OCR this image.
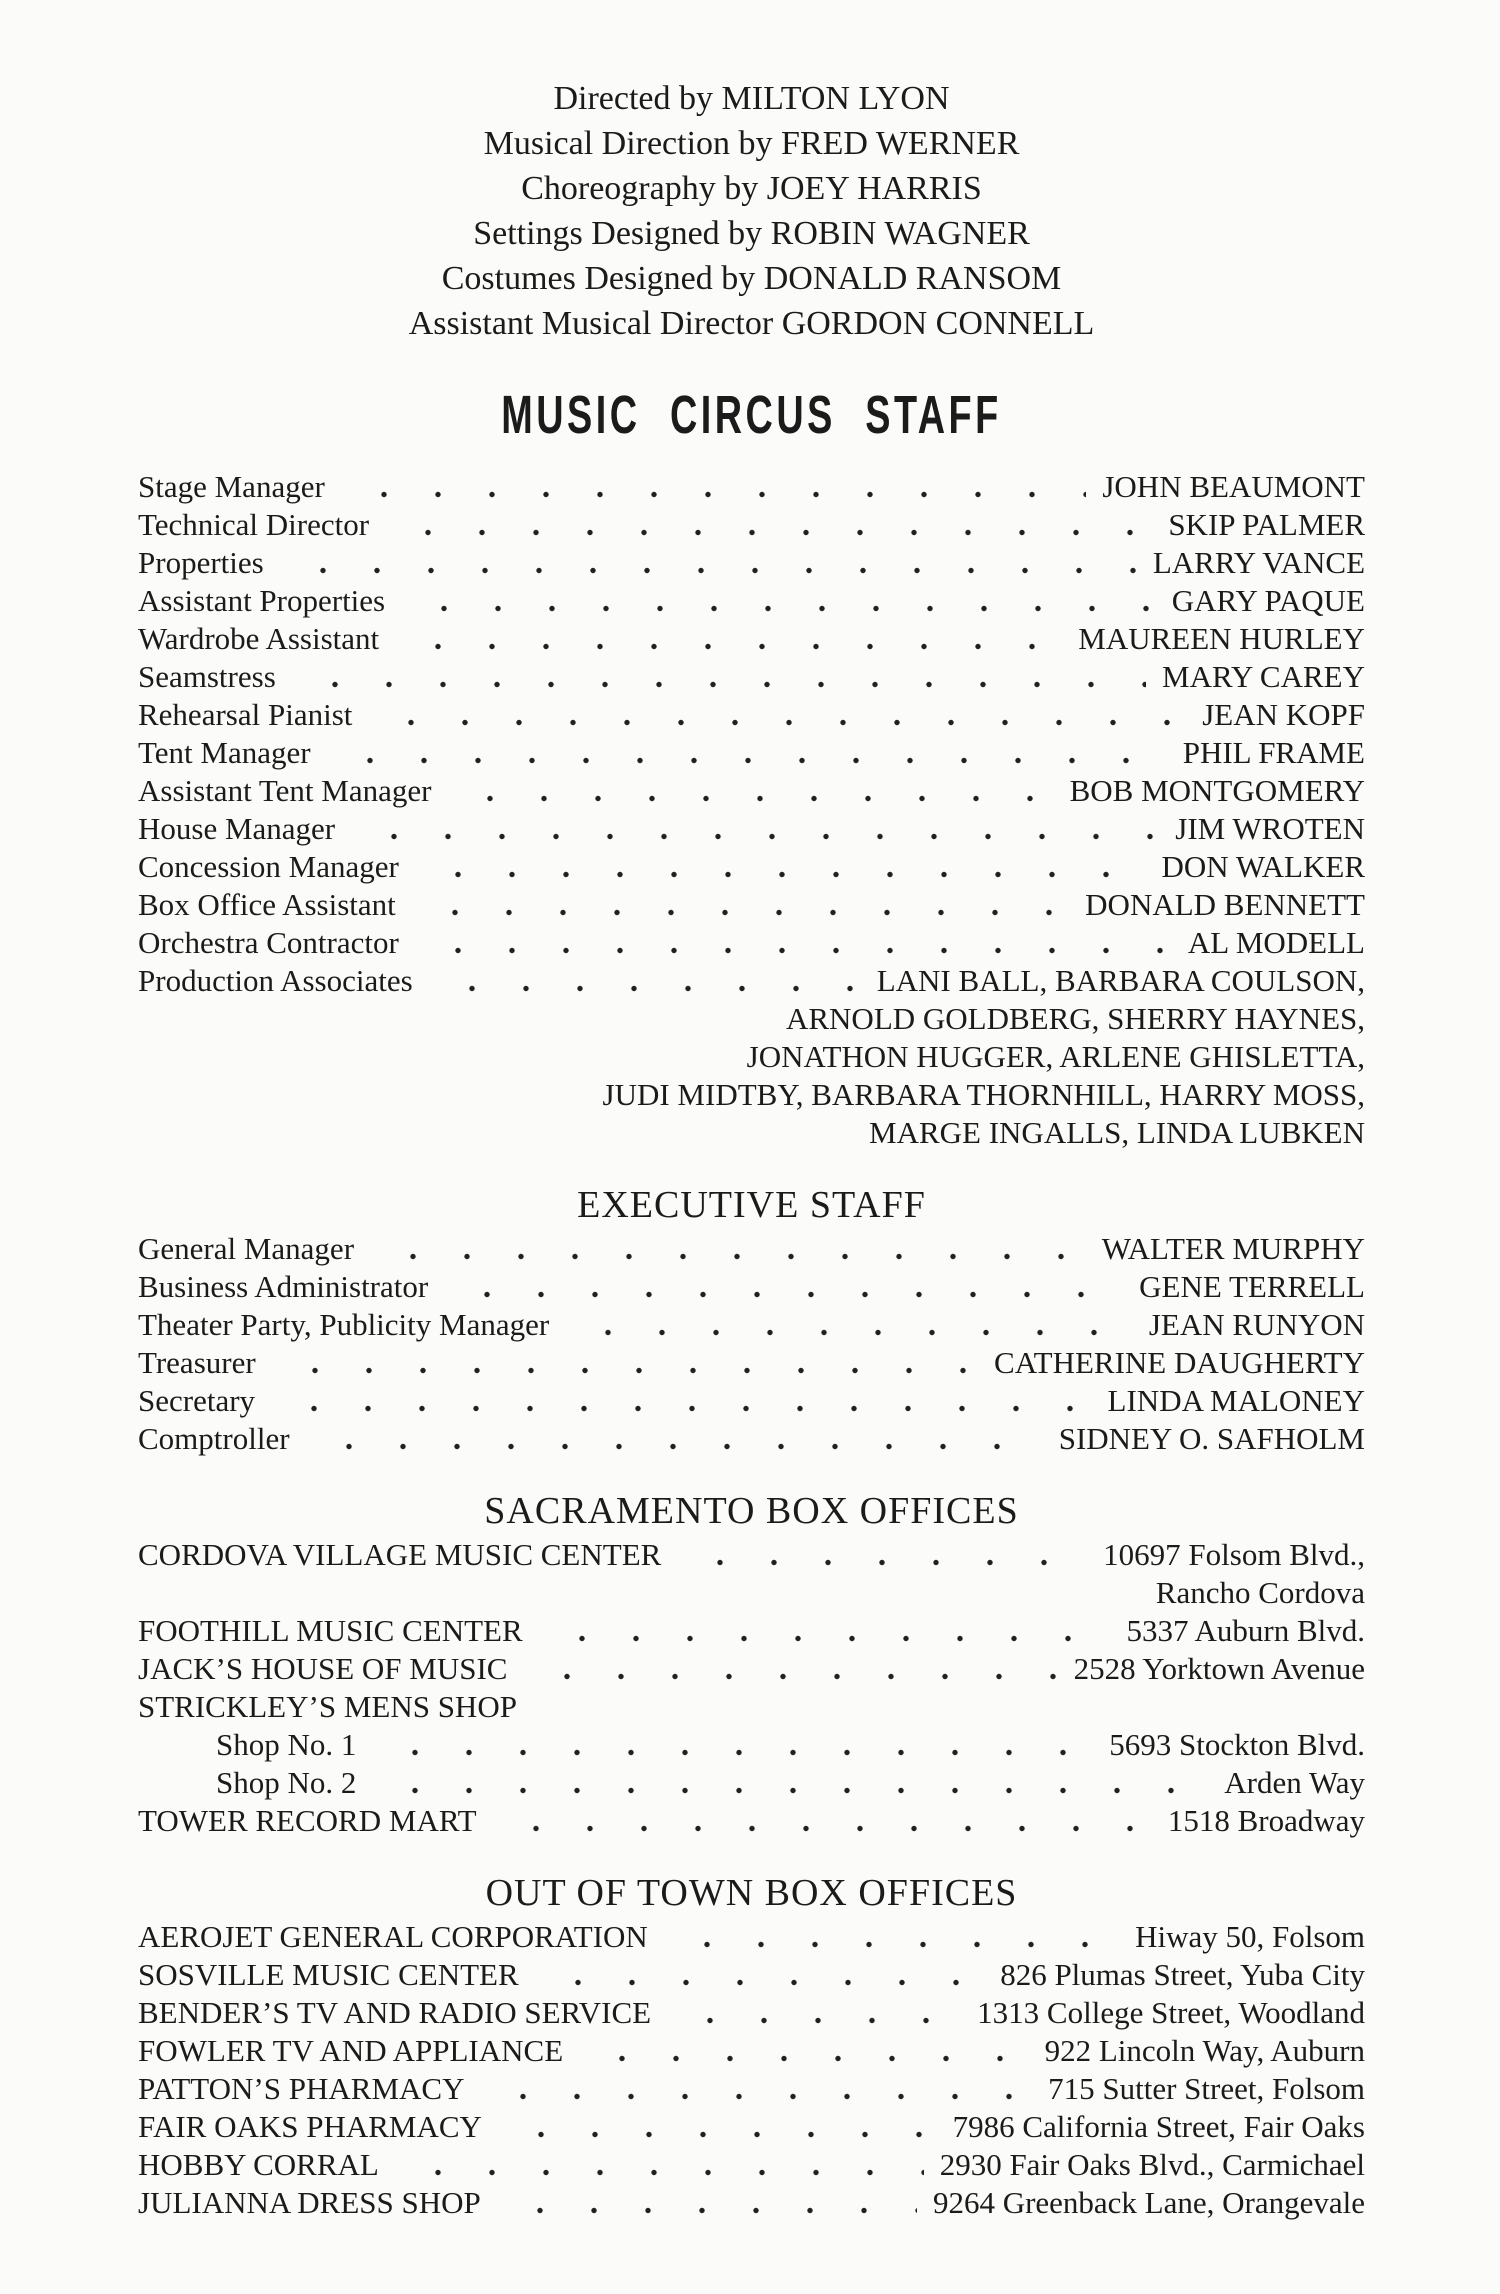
Directed by MILTON LYON
Musical Direction by FRED WERNER
Choreography by JOEY HARRIS
Settings Designed by ROBIN WAGNER
Costumes Designed by DONALD RANSOM
Assistant Musical Director GORDON CONNELL
MUSIC CIRCUS STAFF
Stage Manager	JOHN BEAUMONT
Technical Director	SKIP PALMER
Properties	LARRY VANCE
Assistant Properties	GARY PAQUE
Wardrobe Assistant	MAUREEN HURLEY
Seamstress	MARY CAREY
Rehearsal Pianist	JEAN KOPF
Tent Manager	PHIL FRAME
Assistant Tent Manager	BOB MONTGOMERY
House Manager	JIM WROTEN
Concession Manager	DON WALKER
Box Office Assistant	DONALD BENNETT
Orchestra Contractor	AL MODELL
Production Associates	LANI BALL, BARBARA COULSON,
ARNOLD GOLDBERG, SHERRY HAYNES,
JONATHON HUGGER, ARLENE GHISLETTA,
JUDI MIDTBY, BARBARA THORNHILL, HARRY MOSS,
MARGE INGALLS, LINDA LUBKEN
EXECUTIVE STAFF
General Manager	WALTER MURPHY
Business Administrator	GENE TERRELL
Theater Party, Publicity Manager	JEAN RUNYON
Treasurer	CATHERINE DAUGHERTY
Secretary	LINDA MALONEY
Comptroller	SIDNEY O. SAFHOLM
SACRAMENTO BOX OFFICES
CORDOVA VILLAGE MUSIC CENTER	10697 Folsom Blvd.,
Rancho Cordova
FOOTHILL MUSIC CENTER	5337 Auburn Blvd.
JACK’S HOUSE OF MUSIC	2528 Yorktown Avenue
STRICKLEY’S MENS SHOP
Shop No. 1	5693 Stockton Blvd.
Shop No. 2	Arden Way
TOWER RECORD MART	1518 Broadway
OUT OF TOWN BOX OFFICES
AEROJET GENERAL CORPORATION	Hiway 50, Folsom
SOSVILLE MUSIC CENTER	826 Plumas Street, Yuba City
BENDER’S TV AND RADIO SERVICE	1313 College Street, Woodland
FOWLER TV AND APPLIANCE	922 Lincoln Way, Auburn
PATTON’S PHARMACY	715 Sutter Street, Folsom
FAIR OAKS PHARMACY	7986 California Street, Fair Oaks
HOBBY CORRAL	2930 Fair Oaks Blvd., Carmichael
JULIANNA DRESS SHOP	9264 Greenback Lane, Orangevale
